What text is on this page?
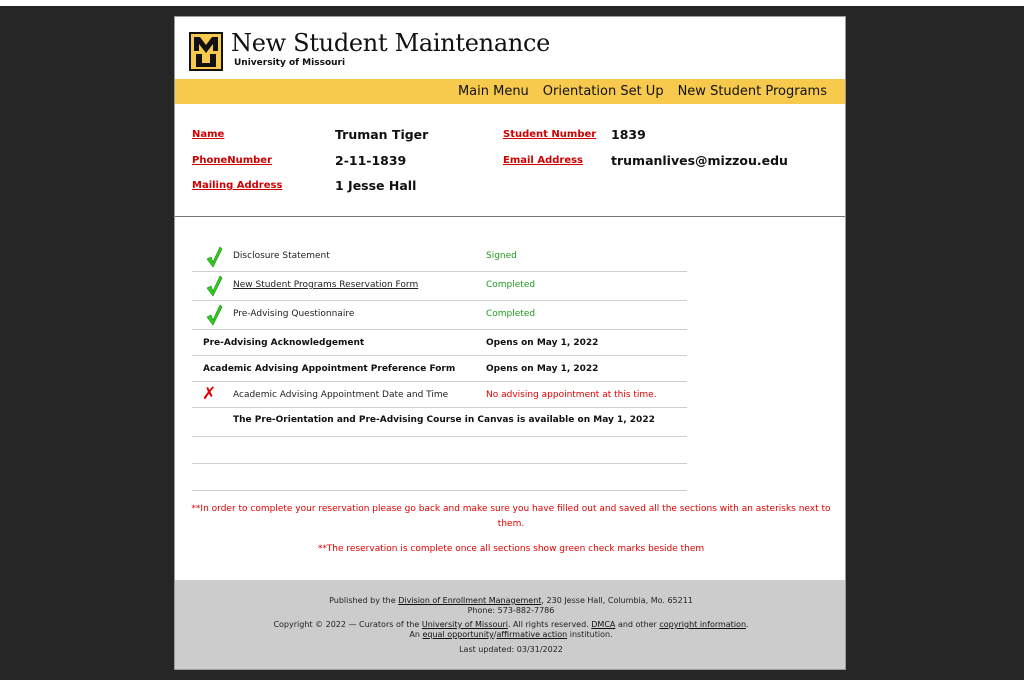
New Student Maintenance
University of Missouri
Main Menu Orientation Set Up New Student Programs
Name	Truman Tiger
PhoneNumber	2-11-1839
Mailing Address	1 Jesse Hall
Student Number 1839
Email Address trumanlives@mizzou.edu
Disclosure Statement	Signed
New Student Programs Reservation Form	Completed
Pre-Advising Questionnaire	Completed
Pre-Advising Acknowledgement	Opens on May 1, 2022
Academic Advising Appointment Preference Form	Opens on May 1, 2022
✗ Academic Advising Appointment Date and Time	No advising appointment at this time.
The Pre-Orientation and Pre-Advising Course in Canvas is available on May 1, 2022
**In order to complete your reservation please go back and make sure you have filled out and saved all the sections with an asterisks next to
them.
**The reservation is complete once all sections show green check marks beside them
Published by the Division of Enrollment Management, 230 Jesse Hall, Columbia, Mo. 65211
Phone: 573-882-7786
Copyright © 2022 — Curators of the University of Missouri. All rights reserved. DMCA and other copyright information.
An equal opportunity/affirmative action institution.
Last updated: 03/31/2022
